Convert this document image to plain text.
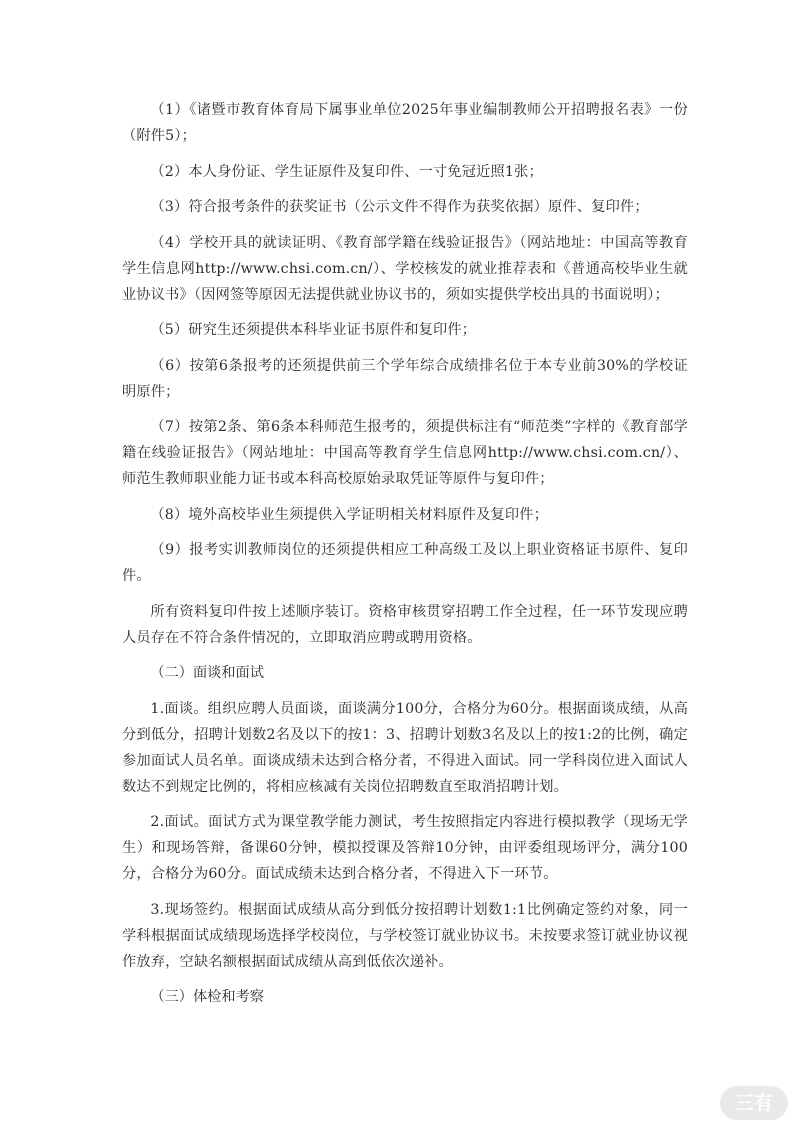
（1）《诸暨市教育体育局下属事业单位2025年事业编制教师公开招聘报名表》一份（附件5）；

（2）本人身份证、学生证原件及复印件、一寸免冠近照1张；

（3）符合报考条件的获奖证书（公示文件不得作为获奖依据）原件、复印件；

（4）学校开具的就读证明、《教育部学籍在线验证报告》（网站地址：中国高等教育学生信息网http://www.chsi.com.cn/）、学校核发的就业推荐表和《普通高校毕业生就业协议书》（因网签等原因无法提供就业协议书的，须如实提供学校出具的书面说明）；

（5）研究生还须提供本科毕业证书原件和复印件；

（6）按第6条报考的还须提供前三个学年综合成绩排名位于本专业前30%的学校证明原件；

（7）按第2条、第6条本科师范生报考的，须提供标注有“师范类”字样的《教育部学籍在线验证报告》（网站地址：中国高等教育学生信息网http://www.chsi.com.cn/）、师范生教师职业能力证书或本科高校原始录取凭证等原件与复印件；

（8）境外高校毕业生须提供入学证明相关材料原件及复印件；

（9）报考实训教师岗位的还须提供相应工种高级工及以上职业资格证书原件、复印件。

所有资料复印件按上述顺序装订。资格审核贯穿招聘工作全过程，任一环节发现应聘人员存在不符合条件情况的，立即取消应聘或聘用资格。

（二）面谈和面试

1.面谈。组织应聘人员面谈，面谈满分100分，合格分为60分。根据面谈成绩，从高分到低分，招聘计划数2名及以下的按1：3、招聘计划数3名及以上的按1:2的比例，确定参加面试人员名单。面谈成绩未达到合格分者，不得进入面试。同一学科岗位进入面试人数达不到规定比例的，将相应核减有关岗位招聘数直至取消招聘计划。

2.面试。面试方式为课堂教学能力测试，考生按照指定内容进行模拟教学（现场无学生）和现场答辩，备课60分钟，模拟授课及答辩10分钟，由评委组现场评分，满分100分，合格分为60分。面试成绩未达到合格分者，不得进入下一环节。

3.现场签约。根据面试成绩从高分到低分按招聘计划数1:1比例确定签约对象，同一学科根据面试成绩现场选择学校岗位，与学校签订就业协议书。未按要求签订就业协议视作放弃，空缺名额根据面试成绩从高到低依次递补。

（三）体检和考察

三有
